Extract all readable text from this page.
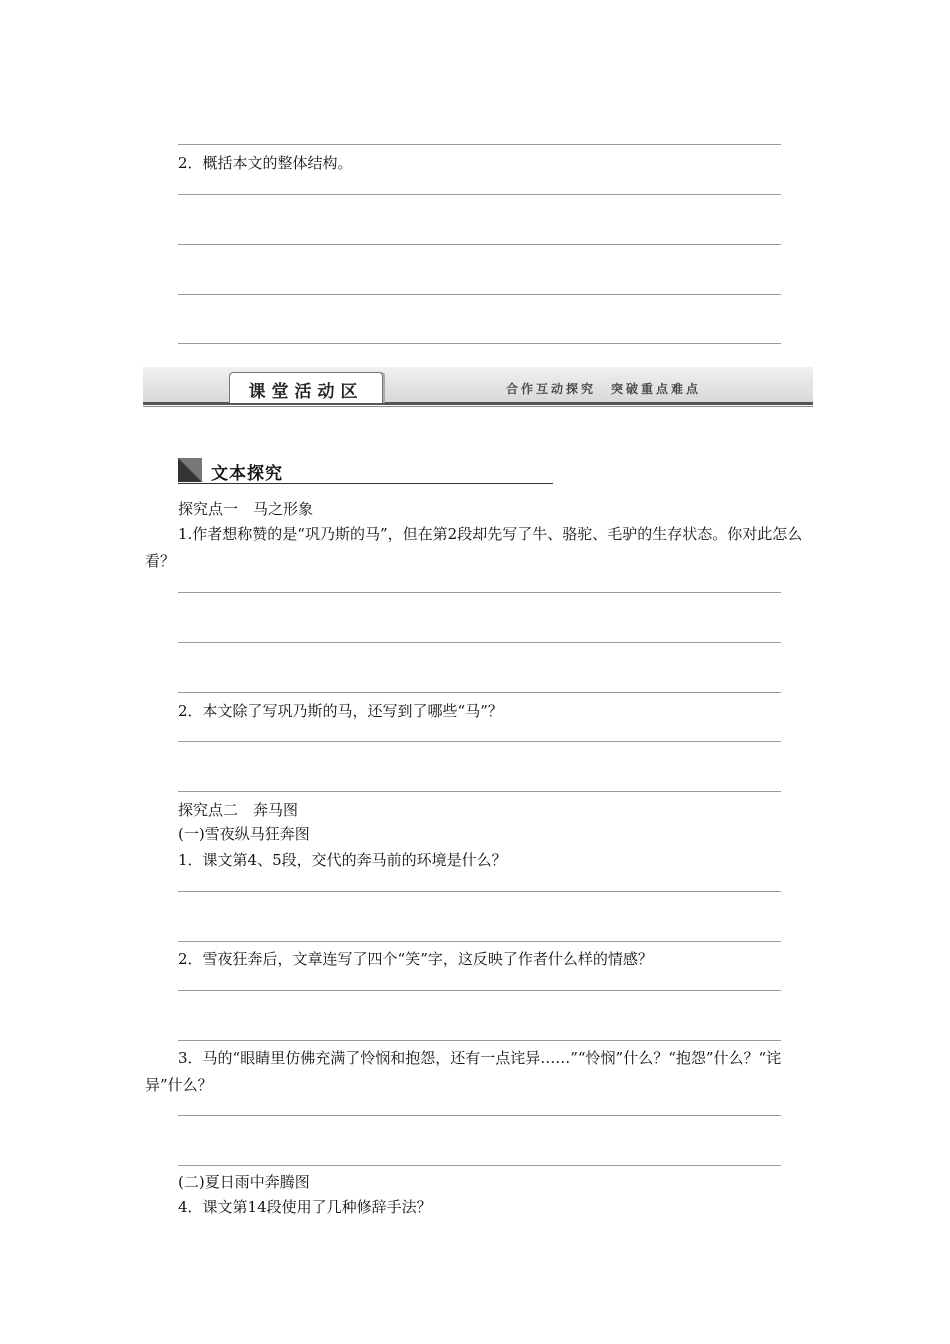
2．概括本文的整体结构。
课堂活动区	合作互动探究　突破重点难点
文本探究
探究点一　马之形象
1.作者想称赞的是“巩乃斯的马”，但在第2段却先写了牛、骆驼、毛驴的生存状态。你对此怎么看？
2．本文除了写巩乃斯的马，还写到了哪些“马”？
探究点二　奔马图
(一)雪夜纵马狂奔图
1．课文第4、5段，交代的奔马前的环境是什么？
2．雪夜狂奔后，文章连写了四个“笑”字，这反映了作者什么样的情感？
3．马的“眼睛里仿佛充满了怜悯和抱怨，还有一点诧异……”“怜悯”什么？“抱怨”什么？“诧异”什么？
(二)夏日雨中奔腾图
4．课文第14段使用了几种修辞手法？
